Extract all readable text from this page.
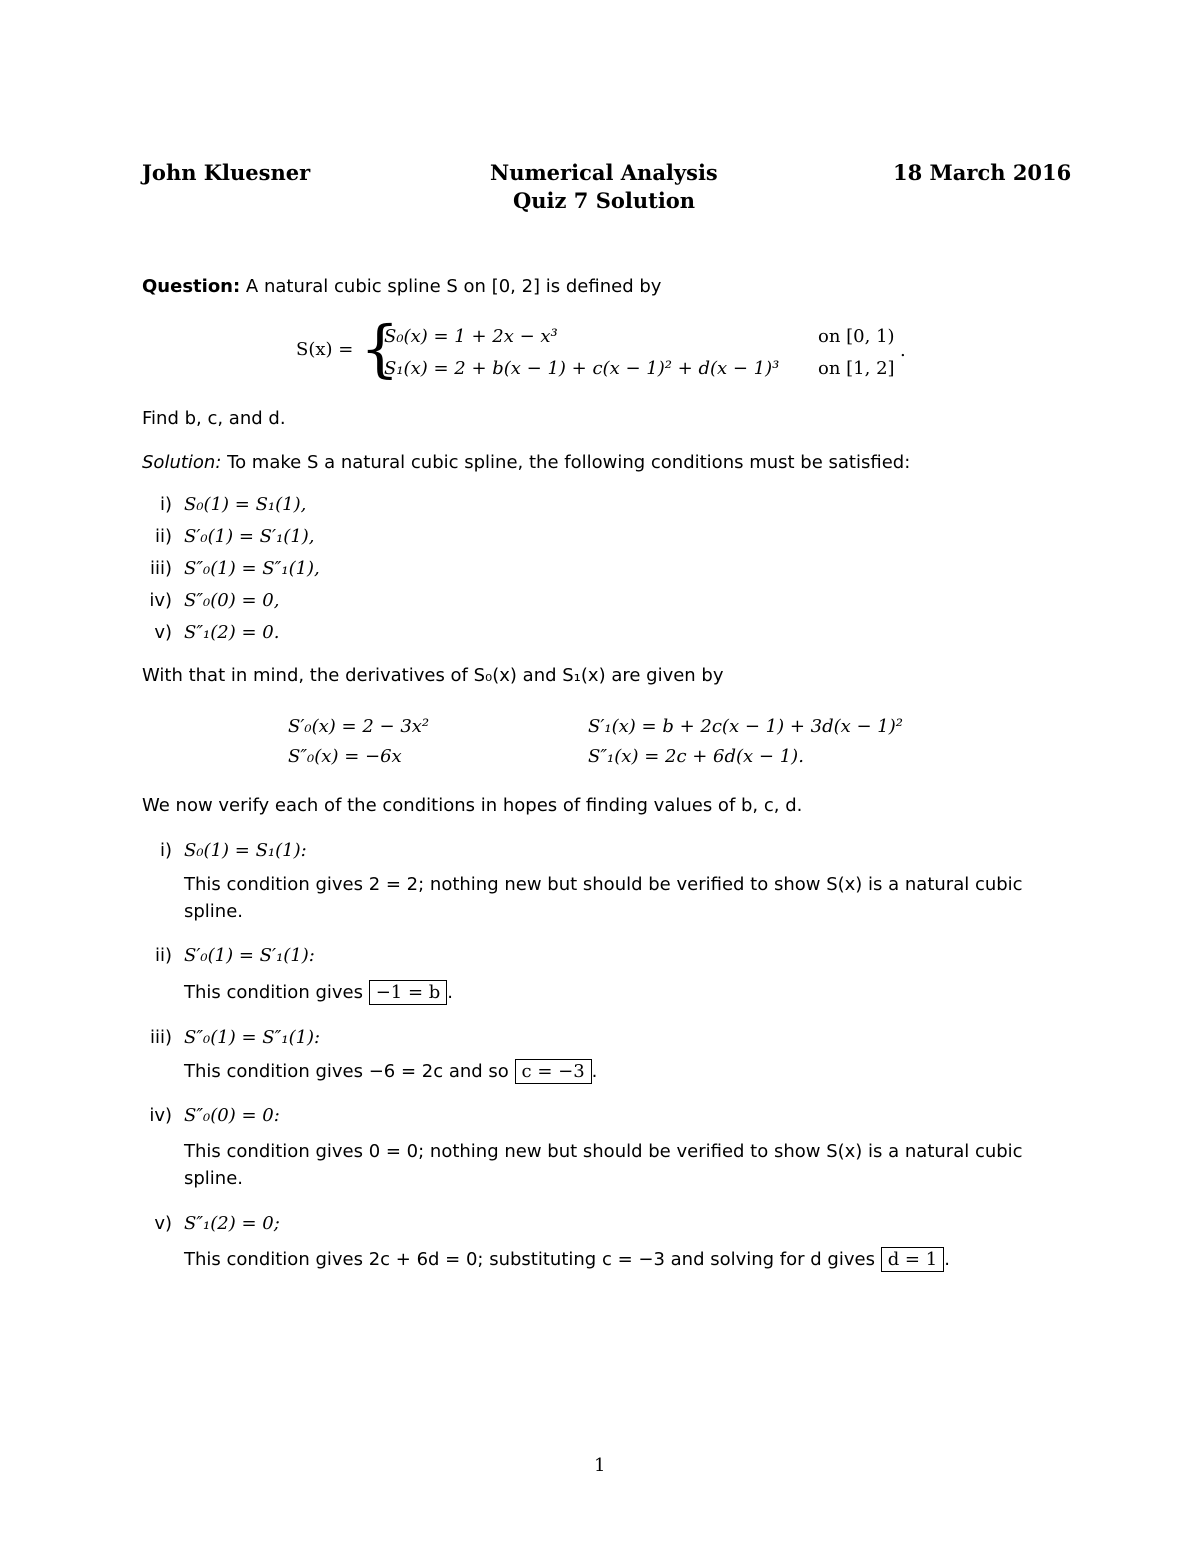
John Kluesner	Numerical Analysis	18 March 2016
Quiz 7 Solution
Question: A natural cubic spline S on [0, 2] is defined by
S(x) = {
S₀(x) = 1 + 2x − x³	on [0, 1)
S₁(x) = 2 + b(x − 1) + c(x − 1)² + d(x − 1)³ on [1, 2]
.
Find b, c, and d.
Solution: To make S a natural cubic spline, the following conditions must be satisfied:
i) S₀(1) = S₁(1),
ii) S′₀(1) = S′₁(1),
iii) S″₀(1) = S″₁(1),
iv) S″₀(0) = 0,
v) S″₁(2) = 0.
With that in mind, the derivatives of S₀(x) and S₁(x) are given by
S′₀(x) = 2 − 3x²	S′₁(x) = b + 2c(x − 1) + 3d(x − 1)²
S″₀(x) = −6x	S″₁(x) = 2c + 6d(x − 1).
We now verify each of the conditions in hopes of finding values of b, c, d.
i) S₀(1) = S₁(1):
This condition gives 2 = 2; nothing new but should be verified to show S(x) is a natural cubic
spline.
ii) S′₀(1) = S′₁(1):
This condition gives −1 = b .
iii) S″₀(1) = S″₁(1):
This condition gives −6 = 2c and so c = −3 .
iv) S″₀(0) = 0:
This condition gives 0 = 0; nothing new but should be verified to show S(x) is a natural cubic
spline.
v) S″₁(2) = 0;
This condition gives 2c + 6d = 0; substituting c = −3 and solving for d gives d = 1 .
1
